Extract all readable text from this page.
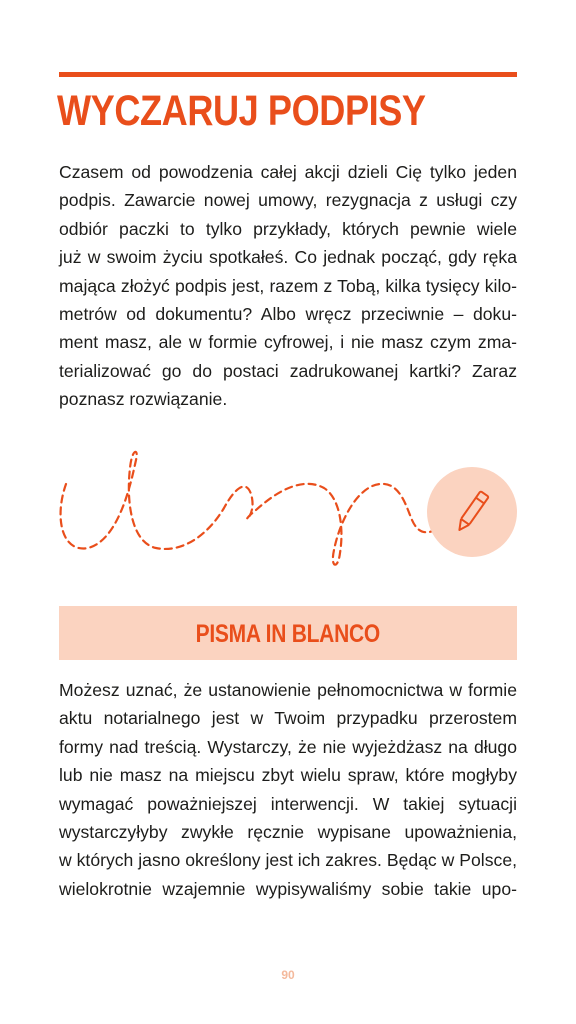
WYCZARUJ PODPISY
Czasem od powodzenia całej akcji dzieli Cię tylko jeden
podpis. Zawarcie nowej umowy, rezygnacja z usługi czy
odbiór paczki to tylko przykłady, których pewnie wiele
już w swoim życiu spotkałeś. Co jednak począć, gdy ręka
mająca złożyć podpis jest, razem z Tobą, kilka tysięcy kilo-
metrów od dokumentu? Albo wręcz przeciwnie – doku-
ment masz, ale w formie cyfrowej, i nie masz czym zma-
terializować go do postaci zadrukowanej kartki? Zaraz
poznasz rozwiązanie.
PISMA IN BLANCO
Możesz uznać, że ustanowienie pełnomocnictwa w formie
aktu notarialnego jest w Twoim przypadku przerostem
formy nad treścią. Wystarczy, że nie wyjeżdżasz na długo
lub nie masz na miejscu zbyt wielu spraw, które mogłyby
wymagać poważniejszej interwencji. W takiej sytuacji
wystarczyłyby zwykłe ręcznie wypisane upoważnienia,
w których jasno określony jest ich zakres. Będąc w Polsce,
wielokrotnie wzajemnie wypisywaliśmy sobie takie upo-
90
